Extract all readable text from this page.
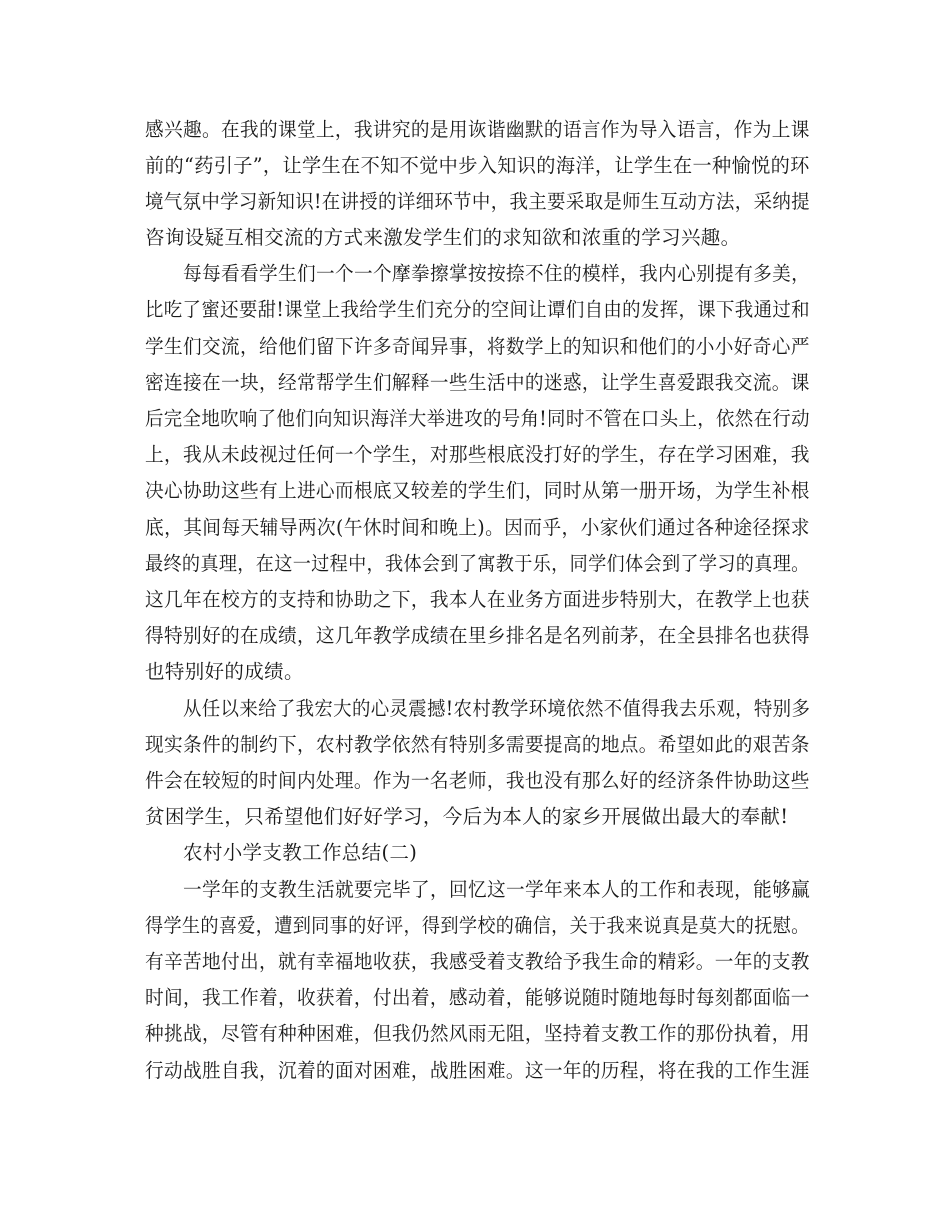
感兴趣。在我的课堂上，我讲究的是用诙谐幽默的语言作为导入语言，作为上课
前的“药引子”，让学生在不知不觉中步入知识的海洋，让学生在一种愉悦的环
境气氛中学习新知识!在讲授的详细环节中，我主要采取是师生互动方法，采纳提
咨询设疑互相交流的方式来激发学生们的求知欲和浓重的学习兴趣。
每每看看学生们一个一个摩拳擦掌按按捺不住的模样，我内心别提有多美，
比吃了蜜还要甜!课堂上我给学生们充分的空间让谭们自由的发挥，课下我通过和
学生们交流，给他们留下许多奇闻异事，将数学上的知识和他们的小小好奇心严
密连接在一块，经常帮学生们解释一些生活中的迷惑，让学生喜爱跟我交流。课
后完全地吹响了他们向知识海洋大举进攻的号角!同时不管在口头上，依然在行动
上，我从未歧视过任何一个学生，对那些根底没打好的学生，存在学习困难，我
决心协助这些有上进心而根底又较差的学生们，同时从第一册开场，为学生补根
底，其间每天辅导两次(午休时间和晚上)。因而乎，小家伙们通过各种途径探求
最终的真理，在这一过程中，我体会到了寓教于乐，同学们体会到了学习的真理。
这几年在校方的支持和协助之下，我本人在业务方面进步特别大，在教学上也获
得特别好的在成绩，这几年教学成绩在里乡排名是名列前茅，在全县排名也获得
也特别好的成绩。
从任以来给了我宏大的心灵震撼!农村教学环境依然不值得我去乐观，特别多
现实条件的制约下，农村教学依然有特别多需要提高的地点。希望如此的艰苦条
件会在较短的时间内处理。作为一名老师，我也没有那么好的经济条件协助这些
贫困学生，只希望他们好好学习，今后为本人的家乡开展做出最大的奉献!
农村小学支教工作总结(二)
一学年的支教生活就要完毕了，回忆这一学年来本人的工作和表现，能够赢
得学生的喜爱，遭到同事的好评，得到学校的确信，关于我来说真是莫大的抚慰。
有辛苦地付出，就有幸福地收获，我感受着支教给予我生命的精彩。一年的支教
时间，我工作着，收获着，付出着，感动着，能够说随时随地每时每刻都面临一
种挑战，尽管有种种困难，但我仍然风雨无阻，坚持着支教工作的那份执着，用
行动战胜自我，沉着的面对困难，战胜困难。这一年的历程，将在我的工作生涯
